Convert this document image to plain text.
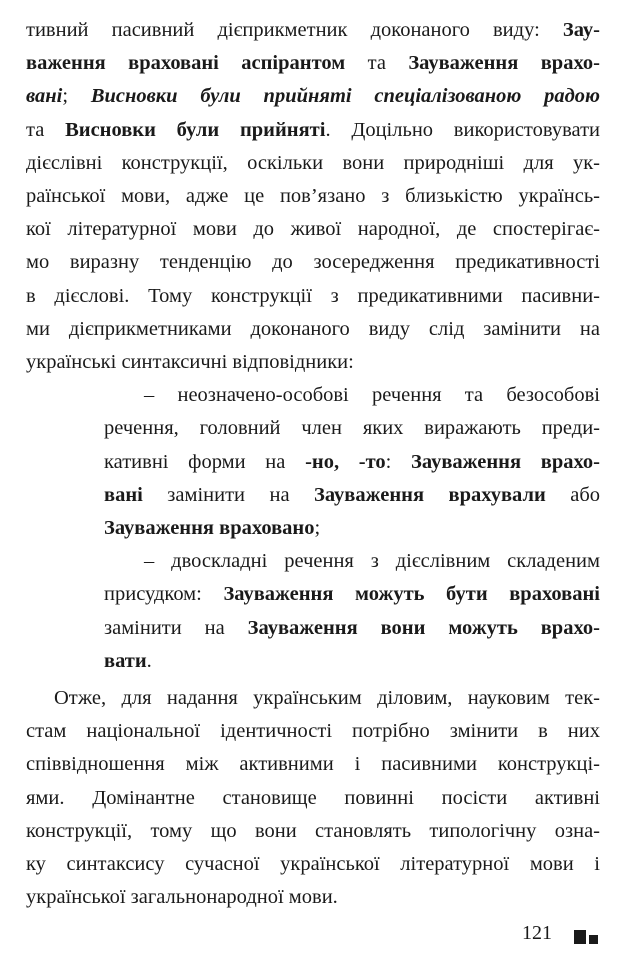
тивний пасивний дієприкметник доконаного виду: Зау-
важення враховані аспірантом та Зауваження врахо-
вані; Висновки були прийняті спеціалізованою радою
та Висновки були прийняті. Доцільно використовувати
дієслівні конструкції, оскільки вони природніші для ук-
раїнської мови, адже це пов’язано з близькістю українсь-
кої літературної мови до живої народної, де спостерігає-
мо виразну тенденцію до зосередження предикативності
в дієслові. Тому конструкції з предикативними пасивни-
ми дієприкметниками доконаного виду слід замінити на
українські синтаксичні відповідники:
– неозначено-особові речення та безособові
речення, головний член яких виражають преди-
кативні форми на -но, -то: Зауваження врахо-
вані замінити на Зауваження врахували або
Зауваження враховано;
– двоскладні речення з дієслівним складеним
присудком: Зауваження можуть бути враховані
замінити на Зауваження вони можуть врахо-
вати.
Отже, для надання українським діловим, науковим тек-
стам національної ідентичності потрібно змінити в них
співвідношення між активними і пасивними конструкці-
ями. Домінантне становище повинні посісти активні
конструкції, тому що вони становлять типологічну озна-
ку синтаксису сучасної української літературної мови і
української загальнонародної мови.
121
